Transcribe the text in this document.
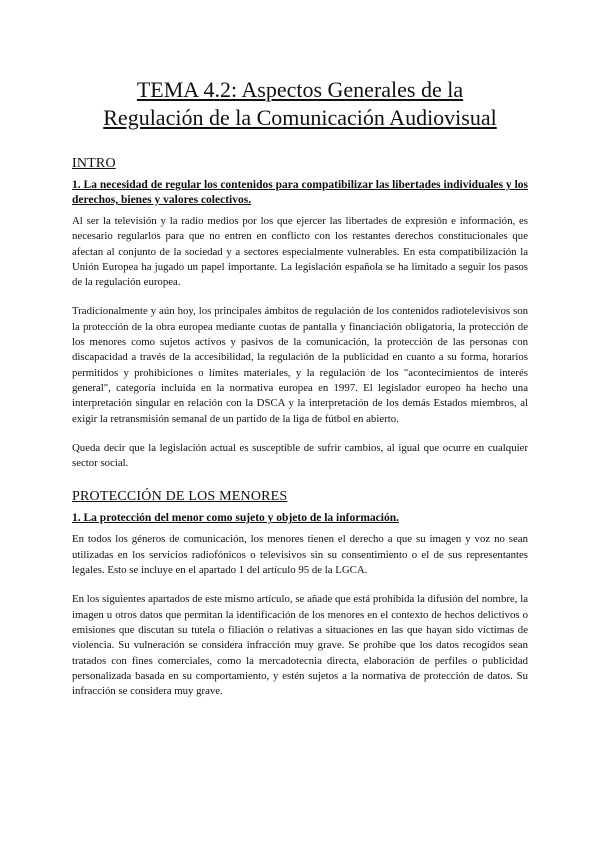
TEMA 4.2: Aspectos Generales de la
Regulación de la Comunicación Audiovisual
INTRO
1. La necesidad de regular los contenidos para compatibilizar las libertades individuales y los derechos, bienes y valores colectivos.

Al ser la televisión y la radio medios por los que ejercer las libertades de expresión e información, es necesario regularlos para que no entren en conflicto con los restantes derechos constitucionales que afectan al conjunto de la sociedad y a sectores especialmente vulnerables. En esta compatibilización la Unión Europea ha jugado un papel importante. La legislación española se ha limitado a seguir los pasos de la regulación europea.

Tradicionalmente y aún hoy, los principales ámbitos de regulación de los contenidos radiotelevisivos son la protección de la obra europea mediante cuotas de pantalla y financiación obligatoria, la protección de los menores como sujetos activos y pasivos de la comunicación, la protección de las personas con discapacidad a través de la accesibilidad, la regulación de la publicidad en cuanto a su forma, horarios permitidos y prohibiciones o límites materiales, y la regulación de los "acontecimientos de interés general", categoría incluida en la normativa europea en 1997. El legislador europeo ha hecho una interpretación singular en relación con la DSCA y la interpretación de los demás Estados miembros, al exigir la retransmisión semanal de un partido de la liga de fútbol en abierto.

Queda decir que la legislación actual es susceptible de sufrir cambios, al igual que ocurre en cualquier sector social.

PROTECCIÓN DE LOS MENORES
1. La protección del menor como sujeto y objeto de la información.

En todos los géneros de comunicación, los menores tienen el derecho a que su imagen y voz no sean utilizadas en los servicios radiofónicos o televisivos sin su consentimiento o el de sus representantes legales. Esto se incluye en el apartado 1 del artículo 95 de la LGCA.

En los siguientes apartados de este mismo artículo, se añade que está prohibida la difusión del nombre, la imagen u otros datos que permitan la identificación de los menores en el contexto de hechos delictivos o emisiones que discutan su tutela o filiación o relativas a situaciones en las que hayan sido víctimas de violencia. Su vulneración se considera infracción muy grave. Se prohíbe que los datos recogidos sean tratados con fines comerciales, como la mercadotecnia directa, elaboración de perfiles o publicidad personalizada basada en su comportamiento, y estén sujetos a la normativa de protección de datos. Su infracción se considera muy grave.
